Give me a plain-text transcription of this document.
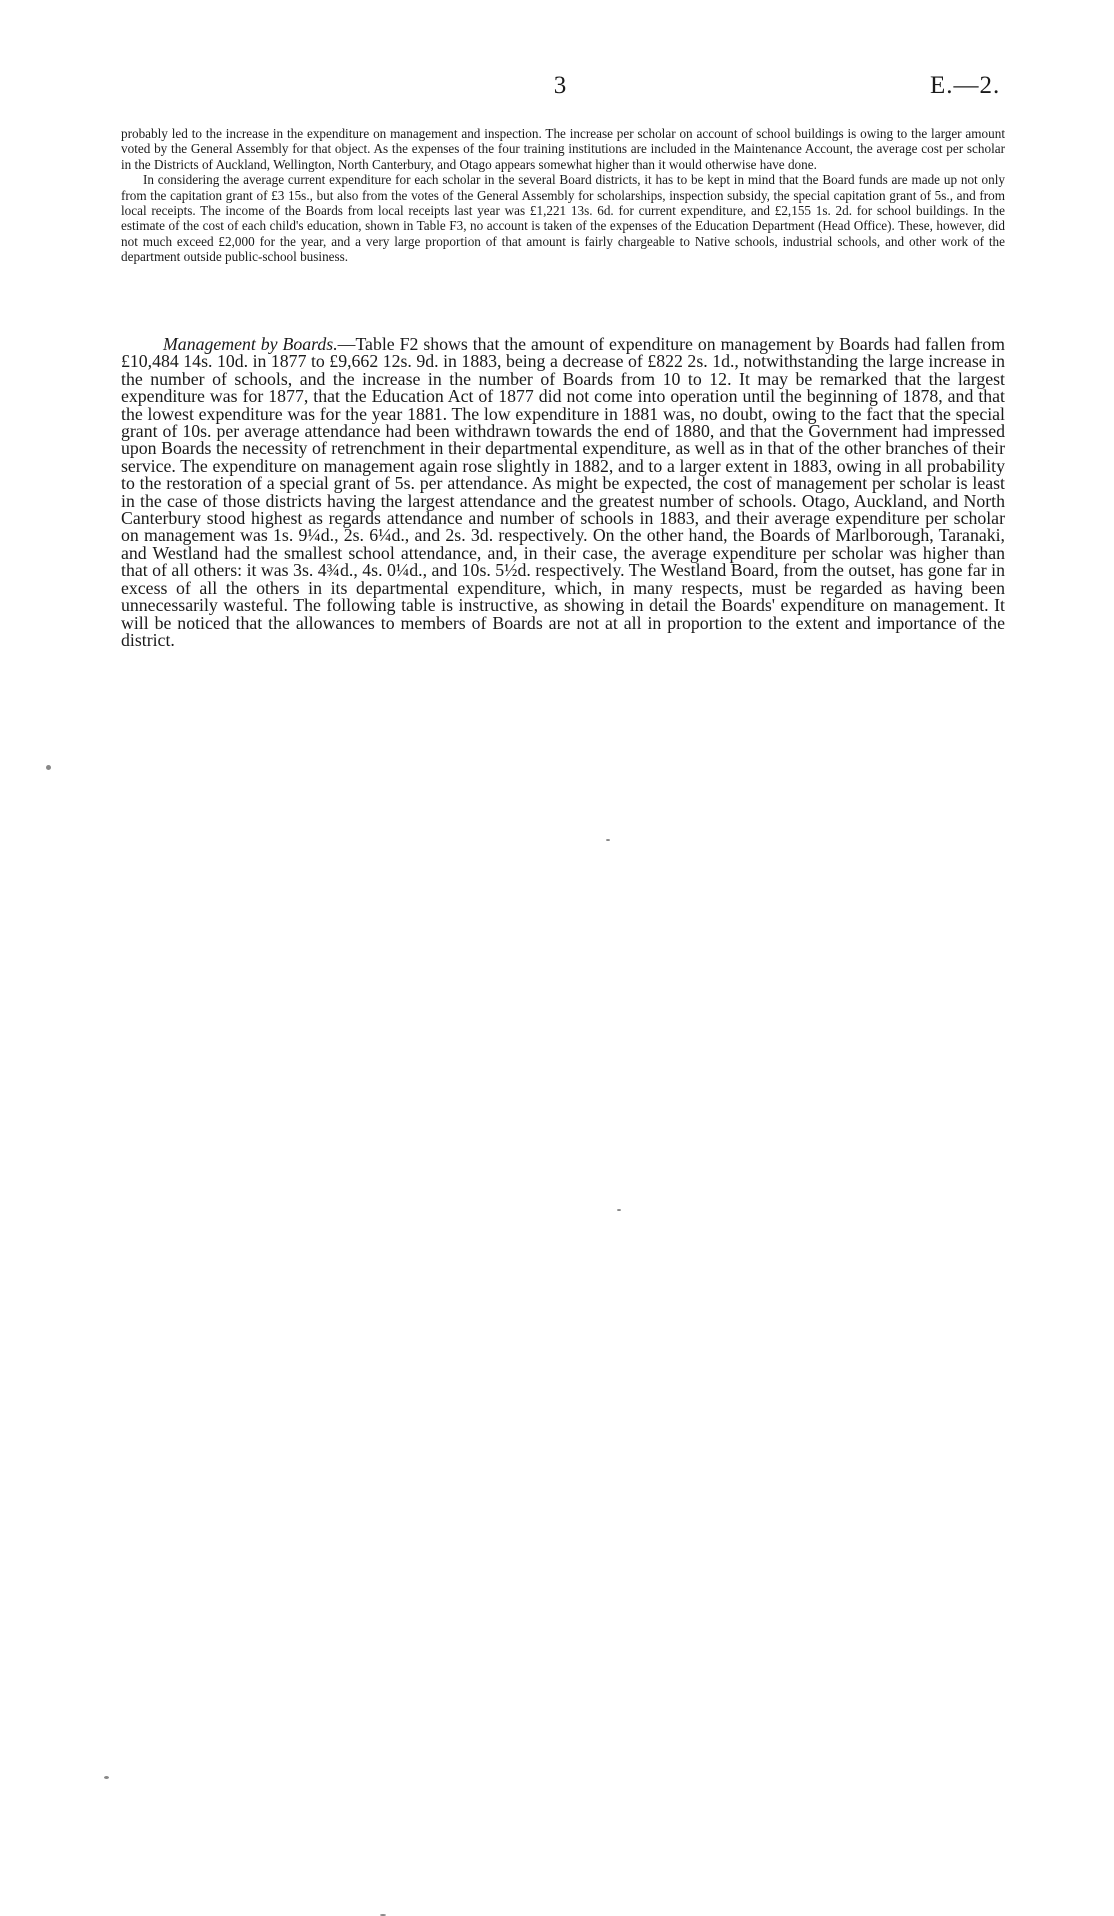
3	E.—2.

probably led to the increase in the expenditure on management and inspection. The increase per scholar on account of school buildings is owing to the larger amount voted by the General Assembly for that object. As the expenses of the four training institutions are included in the Maintenance Account, the average cost per scholar in the Districts of Auckland, Wellington, North Canterbury, and Otago appears somewhat higher than it would otherwise have done.

In considering the average current expenditure for each scholar in the several Board districts, it has to be kept in mind that the Board funds are made up not only from the capitation grant of £3 15s., but also from the votes of the General Assembly for scholarships, inspection subsidy, the special capitation grant of 5s., and from local receipts. The income of the Boards from local receipts last year was £1,221 13s. 6d. for current expenditure, and £2,155 1s. 2d. for school buildings. In the estimate of the cost of each child's education, shown in Table F3, no account is taken of the expenses of the Education Department (Head Office). These, however, did not much exceed £2,000 for the year, and a very large proportion of that amount is fairly chargeable to Native schools, industrial schools, and other work of the department outside public-school business.

Management by Boards.—Table F2 shows that the amount of expenditure on management by Boards had fallen from £10,484 14s. 10d. in 1877 to £9,662 12s. 9d. in 1883, being a decrease of £822 2s. 1d., notwithstanding the large increase in the number of schools, and the increase in the number of Boards from 10 to 12. It may be remarked that the largest expenditure was for 1877, that the Education Act of 1877 did not come into operation until the beginning of 1878, and that the lowest expenditure was for the year 1881. The low expenditure in 1881 was, no doubt, owing to the fact that the special grant of 10s. per average attendance had been withdrawn towards the end of 1880, and that the Government had impressed upon Boards the necessity of retrenchment in their departmental expenditure, as well as in that of the other branches of their service. The expenditure on management again rose slightly in 1882, and to a larger extent in 1883, owing in all probability to the restoration of a special grant of 5s. per attendance. As might be expected, the cost of management per scholar is least in the case of those districts having the largest attendance and the greatest number of schools. Otago, Auckland, and North Canterbury stood highest as regards attendance and number of schools in 1883, and their average expenditure per scholar on management was 1s. 9¼d., 2s. 6¼d., and 2s. 3d. respectively. On the other hand, the Boards of Marlborough, Taranaki, and Westland had the smallest school attendance, and, in their case, the average expenditure per scholar was higher than that of all others: it was 3s. 4¾d., 4s. 0¼d., and 10s. 5½d. respectively. The Westland Board, from the outset, has gone far in excess of all the others in its departmental expenditure, which, in many respects, must be regarded as having been unnecessarily wasteful. The following table is instructive, as showing in detail the Boards' expenditure on management. It will be noticed that the allowances to members of Boards are not at all in proportion to the extent and importance of the district.
